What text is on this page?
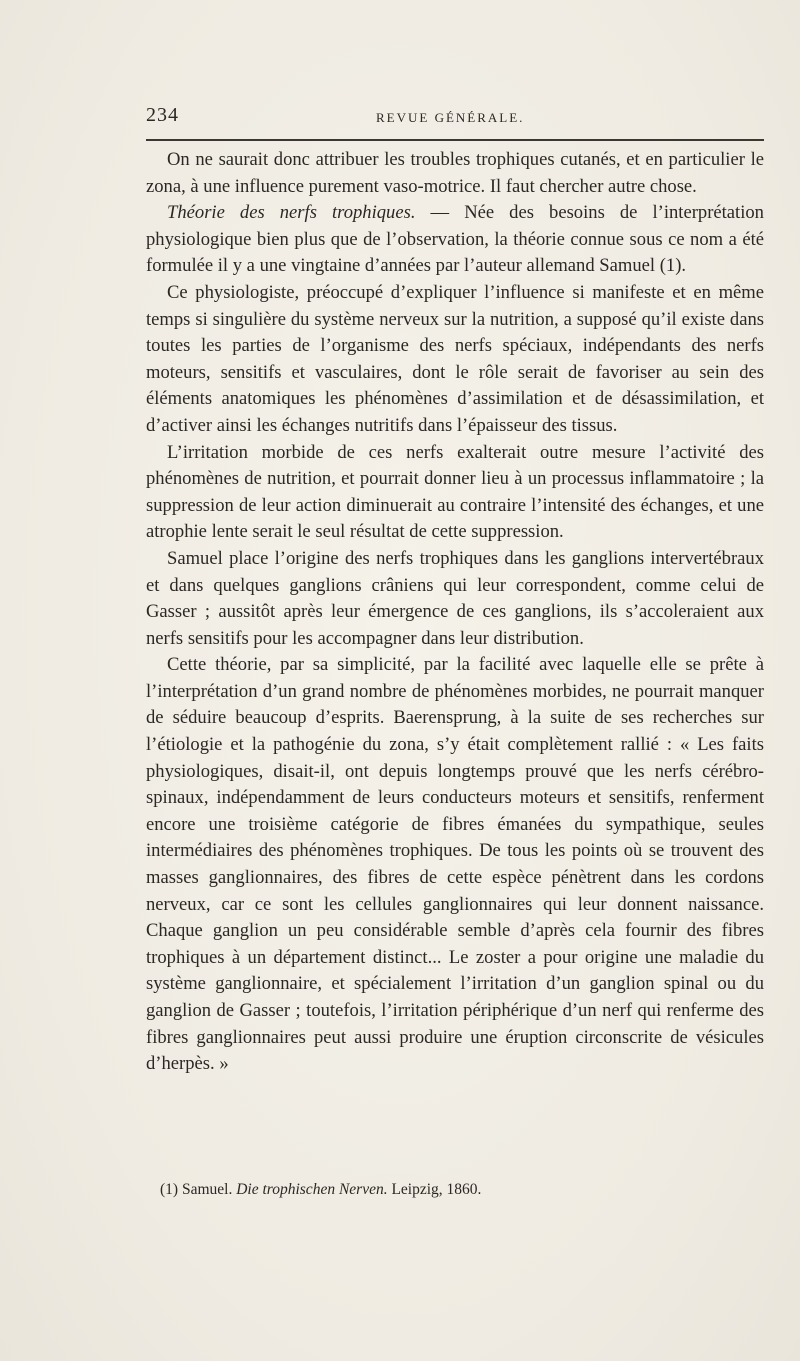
234	REVUE GÉNÉRALE.

On ne saurait donc attribuer les troubles trophiques cutanés, et en particulier le zona, à une influence purement vaso-motrice. Il faut chercher autre chose.

Théorie des nerfs trophiques. — Née des besoins de l’interprétation physiologique bien plus que de l’observation, la théorie connue sous ce nom a été formulée il y a une vingtaine d’années par l’auteur allemand Samuel (1).

Ce physiologiste, préoccupé d’expliquer l’influence si manifeste et en même temps si singulière du système nerveux sur la nutrition, a supposé qu’il existe dans toutes les parties de l’organisme des nerfs spéciaux, indépendants des nerfs moteurs, sensitifs et vasculaires, dont le rôle serait de favoriser au sein des éléments anatomiques les phénomènes d’assimilation et de désassimilation, et d’activer ainsi les échanges nutritifs dans l’épaisseur des tissus.

L’irritation morbide de ces nerfs exalterait outre mesure l’activité des phénomènes de nutrition, et pourrait donner lieu à un processus inflammatoire ; la suppression de leur action diminuerait au contraire l’intensité des échanges, et une atrophie lente serait le seul résultat de cette suppression.

Samuel place l’origine des nerfs trophiques dans les ganglions intervertébraux et dans quelques ganglions crâniens qui leur correspondent, comme celui de Gasser ; aussitôt après leur émergence de ces ganglions, ils s’accoleraient aux nerfs sensitifs pour les accompagner dans leur distribution.

Cette théorie, par sa simplicité, par la facilité avec laquelle elle se prête à l’interprétation d’un grand nombre de phénomènes morbides, ne pourrait manquer de séduire beaucoup d’esprits. Baerensprung, à la suite de ses recherches sur l’étiologie et la pathogénie du zona, s’y était complètement rallié : « Les faits physiologiques, disait-il, ont depuis longtemps prouvé que les nerfs cérébro-spinaux, indépendamment de leurs conducteurs moteurs et sensitifs, renferment encore une troisième catégorie de fibres émanées du sympathique, seules intermédiaires des phénomènes trophiques. De tous les points où se trouvent des masses ganglionnaires, des fibres de cette espèce pénètrent dans les cordons nerveux, car ce sont les cellules ganglionnaires qui leur donnent naissance. Chaque ganglion un peu considérable semble d’après cela fournir des fibres trophiques à un département distinct... Le zoster a pour origine une maladie du système ganglionnaire, et spécialement l’irritation d’un ganglion spinal ou du ganglion de Gasser ; toutefois, l’irritation périphérique d’un nerf qui renferme des fibres ganglionnaires peut aussi produire une éruption circonscrite de vésicules d’herpès. »

(1) Samuel. Die trophischen Nerven. Leipzig, 1860.
